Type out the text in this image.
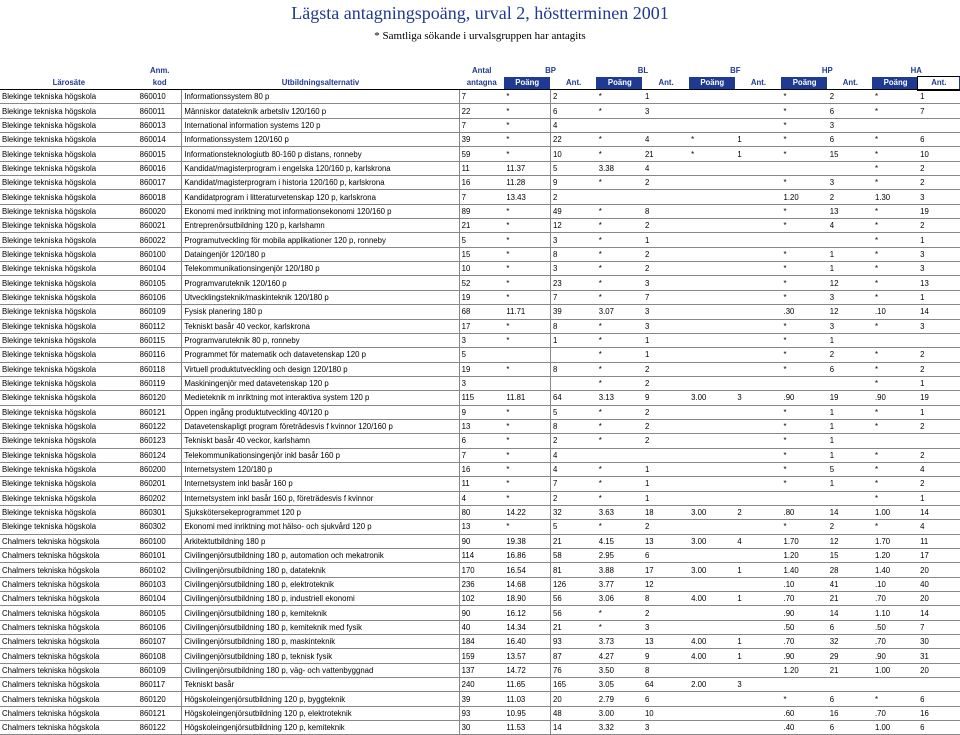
Lägsta antagningspoäng, urval 2, höstterminen 2001
* Samtliga sökande i urvalsgruppen har antagits
	Anm.		Antal	BP		BL		BF		HP		HA	
Lärosäte	kod	Utbildningsalternativ	antagna	Poäng	Ant.	Poäng	Ant.	Poäng	Ant.	Poäng	Ant.	Poäng	Ant.
Blekinge tekniska högskola	860010	Informationssystem 80 p	7	*	2	*	1			*	2	*	1
Blekinge tekniska högskola	860011	Människor datateknik arbetsliv 120/160 p	22	*	6	*	3			*	6	*	7
Blekinge tekniska högskola	860013	International information systems 120 p	7	*	4					*	3		
Blekinge tekniska högskola	860014	Informationssystem 120/160 p	39	*	22	*	4	*	1	*	6	*	6
Blekinge tekniska högskola	860015	Informationsteknologiutb 80-160 p distans, ronneby	59	*	10	*	21	*	1	*	15	*	10
Blekinge tekniska högskola	860016	Kandidat/magisterprogram i engelska 120/160 p, karlskrona	11	11.37	5	3.38	4					*	2
Blekinge tekniska högskola	860017	Kandidat/magisterprogram i historia 120/160 p, karlskrona	16	11.28	9	*	2			*	3	*	2
Blekinge tekniska högskola	860018	Kandidatprogram i litteraturvetenskap 120 p, karlskrona	7	13.43	2					1.20	2	1.30	3
Blekinge tekniska högskola	860020	Ekonomi med inriktning mot informationsekonomi 120/160 p	89	*	49	*	8			*	13	*	19
Blekinge tekniska högskola	860021	Entreprenörsutbildning 120 p, karlshamn	21	*	12	*	2			*	4	*	2
Blekinge tekniska högskola	860022	Programutveckling för mobila applikationer 120 p, ronneby	5	*	3	*	1					*	1
Blekinge tekniska högskola	860100	Dataingenjör 120/180 p	15	*	8	*	2			*	1	*	3
Blekinge tekniska högskola	860104	Telekommunikationsingenjör 120/180 p	10	*	3	*	2			*	1	*	3
Blekinge tekniska högskola	860105	Programvaruteknik 120/160 p	52	*	23	*	3			*	12	*	13
Blekinge tekniska högskola	860106	Utvecklingsteknik/maskinteknik 120/180 p	19	*	7	*	7			*	3	*	1
Blekinge tekniska högskola	860109	Fysisk planering 180 p	68	11.71	39	3.07	3			.30	12	.10	14
Blekinge tekniska högskola	860112	Tekniskt basår 40 veckor, karlskrona	17	*	8	*	3			*	3	*	3
Blekinge tekniska högskola	860115	Programvaruteknik 80 p, ronneby	3	*	1	*	1			*	1		
Blekinge tekniska högskola	860116	Programmet för matematik och datavetenskap 120 p	5			*	1			*	2	*	2
Blekinge tekniska högskola	860118	Virtuell produktutveckling och design 120/180 p	19	*	8	*	2			*	6	*	2
Blekinge tekniska högskola	860119	Maskiningenjör med datavetenskap 120 p	3			*	2					*	1
Blekinge tekniska högskola	860120	Medieteknik m inriktning mot interaktiva system 120 p	115	11.81	64	3.13	9	3.00	3	.90	19	.90	19
Blekinge tekniska högskola	860121	Öppen ingång produktutveckling 40/120 p	9	*	5	*	2			*	1	*	1
Blekinge tekniska högskola	860122	Datavetenskapligt program företrädesvis f kvinnor 120/160 p	13	*	8	*	2			*	1	*	2
Blekinge tekniska högskola	860123	Tekniskt basår 40 veckor, karlshamn	6	*	2	*	2			*	1		
Blekinge tekniska högskola	860124	Telekommunikationsingenjör inkl basår 160 p	7	*	4					*	1	*	2
Blekinge tekniska högskola	860200	Internetsystem 120/180 p	16	*	4	*	1			*	5	*	4
Blekinge tekniska högskola	860201	Internetsystem inkl basår 160 p	11	*	7	*	1			*	1	*	2
Blekinge tekniska högskola	860202	Internetsystem inkl basår 160 p, företrädesvis f kvinnor	4	*	2	*	1					*	1
Blekinge tekniska högskola	860301	Sjukskötersekeprogrammet 120 p	80	14.22	32	3.63	18	3.00	2	.80	14	1.00	14
Blekinge tekniska högskola	860302	Ekonomi med inriktning mot hälso- och sjukvård 120 p	13	*	5	*	2			*	2	*	4
Chalmers tekniska högskola	860100	Arkitektutbildning 180 p	90	19.38	21	4.15	13	3.00	4	1.70	12	1.70	11
Chalmers tekniska högskola	860101	Civilingenjörsutbildning 180 p, automation och mekatronik	114	16.86	58	2.95	6			1.20	15	1.20	17
Chalmers tekniska högskola	860102	Civilingenjörsutbildning 180 p, datateknik	170	16.54	81	3.88	17	3.00	1	1.40	28	1.40	20
Chalmers tekniska högskola	860103	Civilingenjörsutbildning 180 p, elektroteknik	236	14.68	126	3.77	12			.10	41	.10	40
Chalmers tekniska högskola	860104	Civilingenjörsutbildning 180 p, industriell ekonomi	102	18.90	56	3.06	8	4.00	1	.70	21	.70	20
Chalmers tekniska högskola	860105	Civilingenjörsutbildning 180 p, kemiteknik	90	16.12	56	*	2			.90	14	1.10	14
Chalmers tekniska högskola	860106	Civilingenjörsutbildning 180 p, kemiteknik med fysik	40	14.34	21	*	3			.50	6	.50	7
Chalmers tekniska högskola	860107	Civilingenjörsutbildning 180 p, maskinteknik	184	16.40	93	3.73	13	4.00	1	.70	32	.70	30
Chalmers tekniska högskola	860108	Civilingenjörsutbildning 180 p, teknisk fysik	159	13.57	87	4.27	9	4.00	1	.90	29	.90	31
Chalmers tekniska högskola	860109	Civilingenjörsutbildning 180 p, väg- och vattenbyggnad	137	14.72	76	3.50	8			1.20	21	1.00	20
Chalmers tekniska högskola	860117	Tekniskt basår	240	11.65	165	3.05	64	2.00	3				
Chalmers tekniska högskola	860120	Högskoleingenjörsutbildning 120 p, byggteknik	39	11.03	20	2.79	6			*	6	*	6
Chalmers tekniska högskola	860121	Högskoleingenjörsutbildning 120 p, elektroteknik	93	10.95	48	3.00	10			.60	16	.70	16
Chalmers tekniska högskola	860122	Högskoleingenjörsutbildning 120 p, kemiteknik	30	11.53	14	3.32	3			.40	6	1.00	6
